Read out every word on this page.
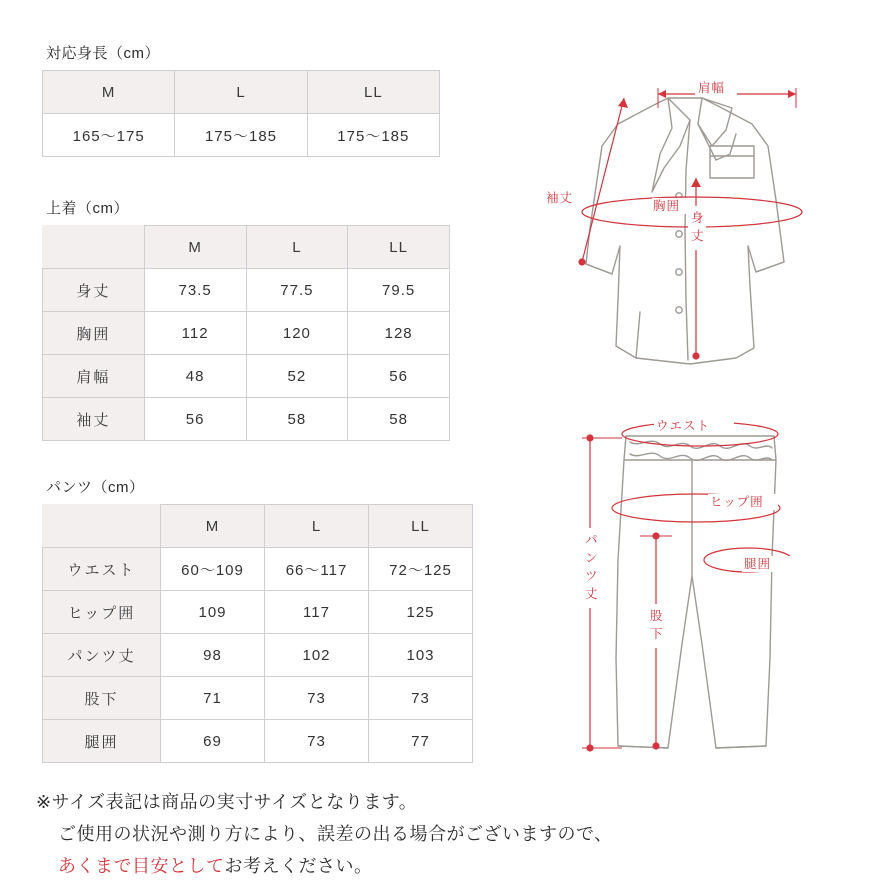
対応身長（cm）
M	L	LL
165〜175	175〜185	175〜185
上着（cm）
	M	L	LL
身丈	73.5	77.5	79.5
胸囲	112	120	128
肩幅	48	52	56
袖丈	56	58	58
パンツ（cm）
	M	L	LL
ウエスト	60〜109	66〜117	72〜125
ヒップ囲	109	117	125
パンツ丈	98	102	103
股下	71	73	73
腿囲	69	73	77
肩幅
袖丈
胸囲
身
丈
ウエスト
ヒップ囲
腿囲
パ
ン
ツ
丈
股
下
※サイズ表記は商品の実寸サイズとなります。
ご使用の状況や測り方により、誤差の出る場合がございますので、
あくまで目安としてお考えください。
